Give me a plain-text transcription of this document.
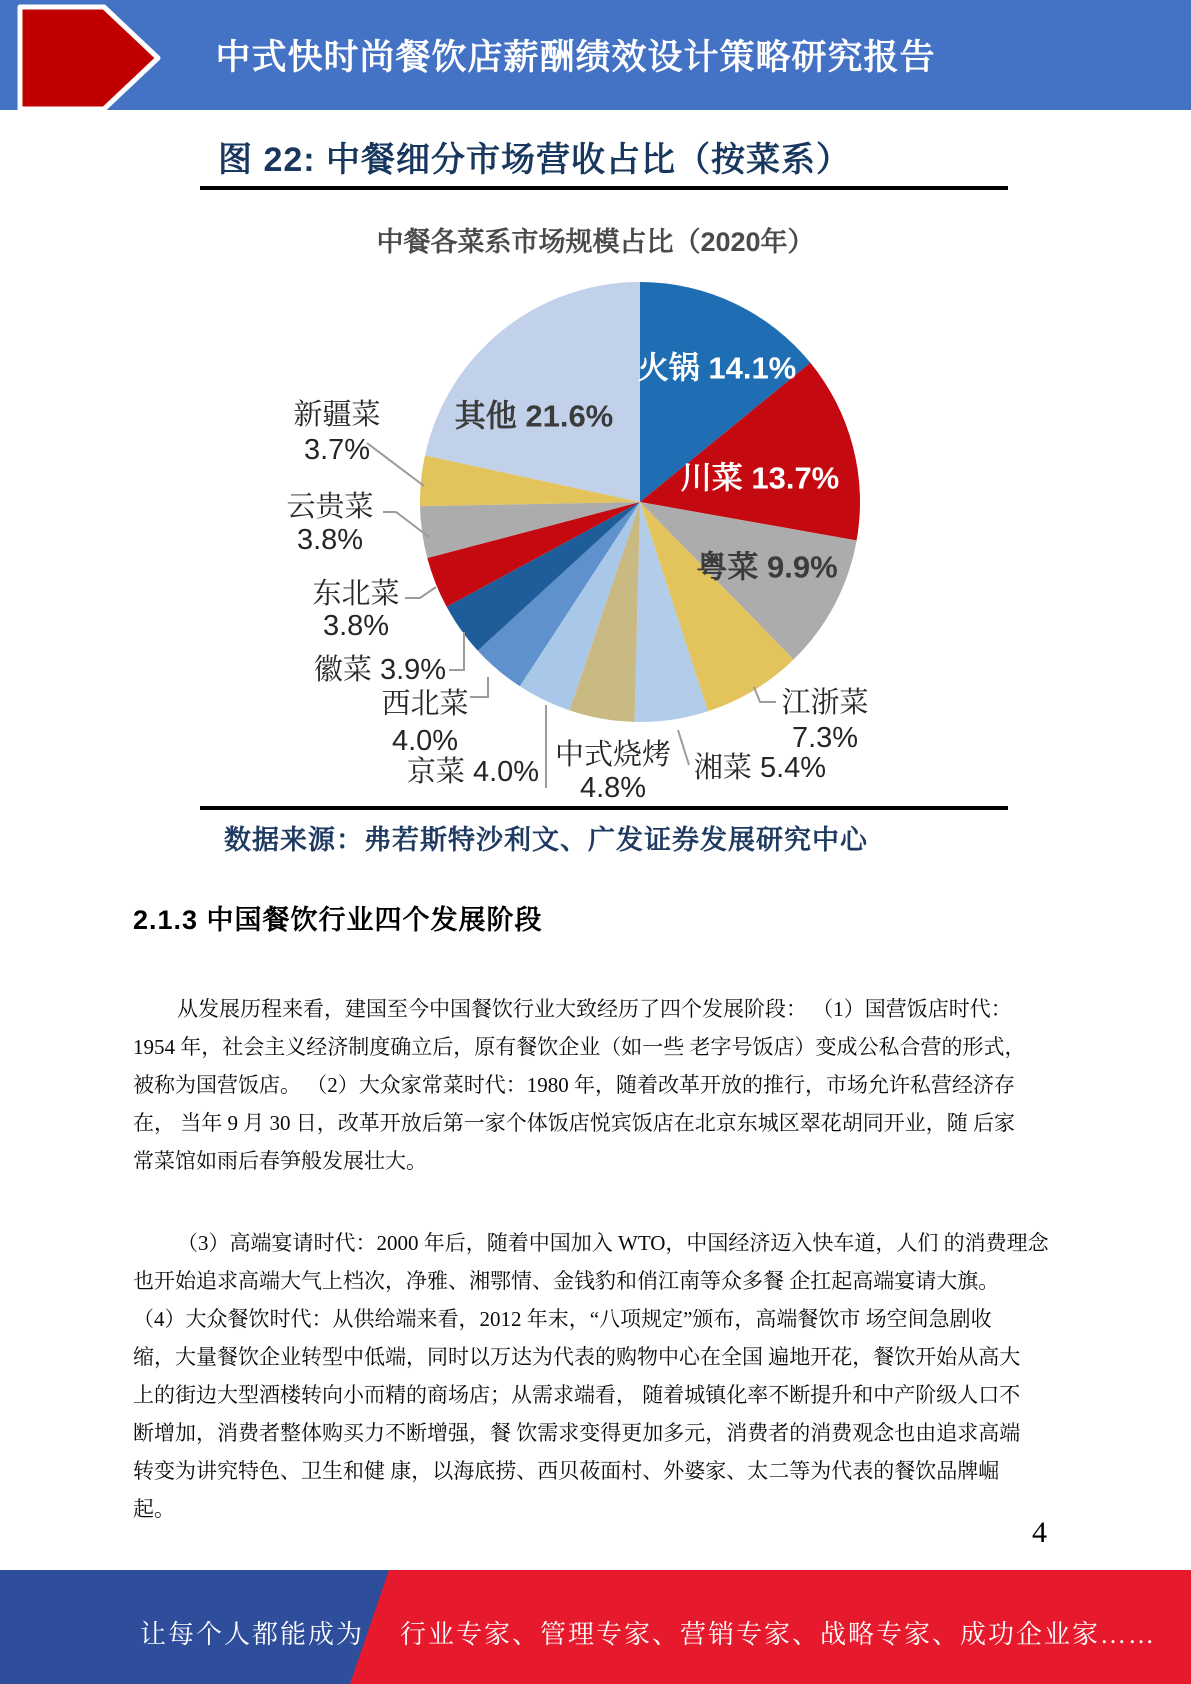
中式快时尚餐饮店薪酬绩效设计策略研究报告
图 22: 中餐细分市场营收占比（按菜系）
中餐各菜系市场规模占比（2020年）
火锅 14.1%
川菜 13.7%
粤菜 9.9%
江浙菜 7.3%
湘菜 5.4%
中式烧烤 4.8%
京菜 4.0%
西北菜 4.0%
徽菜 3.9%
东北菜 3.8%
云贵菜 3.8%
新疆菜 3.7%
其他 21.6%
数据来源：弗若斯特沙利文、广发证券发展研究中心
2.1.3 中国餐饮行业四个发展阶段
从发展历程来看，建国至今中国餐饮行业大致经历了四个发展阶段： （1）国营饭店时代：
1954 年，社会主义经济制度确立后，原有餐饮企业（如一些 老字号饭店）变成公私合营的形式，
被称为国营饭店。 （2）大众家常菜时代：1980 年，随着改革开放的推行，市场允许私营经济存
在， 当年 9 月 30 日，改革开放后第一家个体饭店悦宾饭店在北京东城区翠花胡同开业，随 后家
常菜馆如雨后春笋般发展壮大。
（3）高端宴请时代：2000 年后，随着中国加入 WTO，中国经济迈入快车道，人们 的消费理念
也开始追求高端大气上档次，净雅、湘鄂情、金钱豹和俏江南等众多餐 企扛起高端宴请大旗。
（4）大众餐饮时代：从供给端来看，2012 年末，“八项规定”颁布，高端餐饮市 场空间急剧收
缩，大量餐饮企业转型中低端，同时以万达为代表的购物中心在全国 遍地开花，餐饮开始从高大
上的街边大型酒楼转向小而精的商场店；从需求端看， 随着城镇化率不断提升和中产阶级人口不
断增加，消费者整体购买力不断增强，餐 饮需求变得更加多元，消费者的消费观念也由追求高端
转变为讲究特色、卫生和健 康，以海底捞、西贝莜面村、外婆家、太二等为代表的餐饮品牌崛
起。
4
让每个人都能成为 行业专家、管理专家、营销专家、战略专家、成功企业家……
